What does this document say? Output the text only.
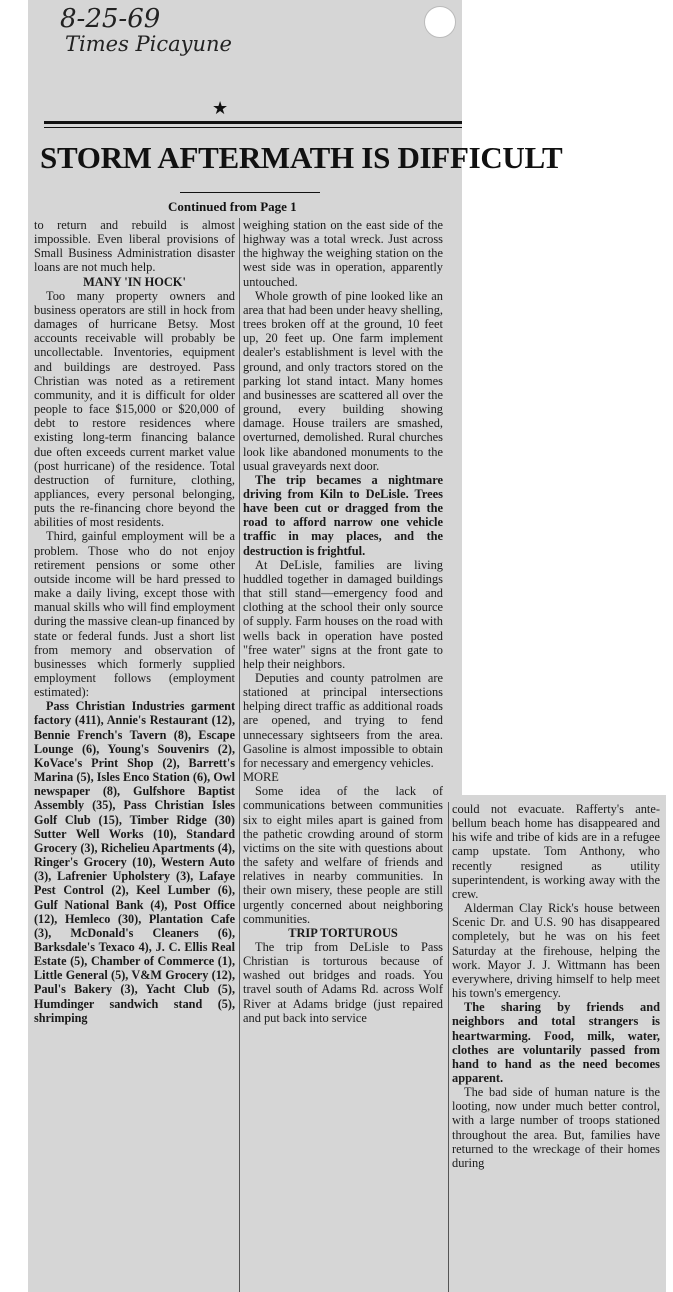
8-25-69
Times Picayune
★
STORM AFTERMATH IS DIFFICULT
Continued from Page 1

to return and rebuild is almost impossible. Even liberal provisions of Small Business Administration disaster loans are not much help.

MANY 'IN HOCK'

Too many property owners and business operators are still in hock from damages of hurricane Betsy. Most accounts receivable will probably be uncollectable. Inventories, equipment and buildings are destroyed. Pass Christian was noted as a retirement community, and it is difficult for older people to face $15,000 or $20,000 of debt to restore residences where existing long-term financing balance due often exceeds current market value (post hurricane) of the residence. Total destruction of furniture, clothing, appliances, every personal belonging, puts the re-financing chore beyond the abilities of most residents.

Third, gainful employment will be a problem. Those who do not enjoy retirement pensions or some other outside income will be hard pressed to make a daily living, except those with manual skills who will find employment during the massive clean-up financed by state or federal funds. Just a short list from memory and observation of businesses which formerly supplied employment follows (employment estimated):

Pass Christian Industries garment factory (411), Annie's Restaurant (12), Bennie French's Tavern (8), Escape Lounge (6), Young's Souvenirs (2), KoVace's Print Shop (2), Barrett's Marina (5), Isles Enco Station (6), Owl newspaper (8), Gulfshore Baptist Assembly (35), Pass Christian Isles Golf Club (15), Timber Ridge (30) Sutter Well Works (10), Standard Grocery (3), Richelieu Apartments (4), Ringer's Grocery (10), Western Auto (3), Lafrenier Upholstery (3), Lafaye Pest Control (2), Keel Lumber (6), Gulf National Bank (4), Post Office (12), Hemleco (30), Plantation Cafe (3), McDonald's Cleaners (6), Barksdale's Texaco 4), J. C. Ellis Real Estate (5), Chamber of Commerce (1), Little General (5), V&M Grocery (12), Paul's Bakery (3), Yacht Club (5), Humdinger sandwich stand (5), shrimping

weighing station on the east side of the highway was a total wreck. Just across the highway the weighing station on the west side was in operation, apparently untouched.

Whole growth of pine looked like an area that had been under heavy shelling, trees broken off at the ground, 10 feet up, 20 feet up. One farm implement dealer's establishment is level with the ground, and only tractors stored on the parking lot stand intact. Many homes and businesses are scattered all over the ground, every building showing damage. House trailers are smashed, overturned, demolished. Rural churches look like abandoned monuments to the usual graveyards next door.

The trip becames a nightmare driving from Kiln to DeLisle. Trees have been cut or dragged from the road to afford narrow one vehicle traffic in may places, and the destruction is frightful.

At DeLisle, families are living huddled together in damaged buildings that still stand—emergency food and clothing at the school their only source of supply. Farm houses on the road with wells back in operation have posted "free water" signs at the front gate to help their neighbors.

Deputies and county patrolmen are stationed at principal intersections helping direct traffic as additional roads are opened, and trying to fend unnecessary sightseers from the area. Gasoline is almost impossible to obtain for necessary and emergency vehicles.

MORE

Some idea of the lack of communications between communities six to eight miles apart is gained from the pathetic crowding around of storm victims on the site with questions about the safety and welfare of friends and relatives in nearby communities. In their own misery, these people are still urgently concerned about neighboring communities.

TRIP TORTUROUS

The trip from DeLisle to Pass Christian is torturous because of washed out bridges and roads. You travel south of Adams Rd. across Wolf River at Adams bridge (just repaired and put back into service

could not evacuate. Rafferty's ante-bellum beach home has disappeared and his wife and tribe of kids are in a refugee camp upstate. Tom Anthony, who recently resigned as utility superintendent, is working away with the crew.

Alderman Clay Rick's house between Scenic Dr. and U.S. 90 has disappeared completely, but he was on his feet Saturday at the firehouse, helping the work. Mayor J. J. Wittmann has been everywhere, driving himself to help meet his town's emergency.

The sharing by friends and neighbors and total strangers is heartwarming. Food, milk, water, clothes are voluntarily passed from hand to hand as the need becomes apparent.

The bad side of human nature is the looting, now under much better control, with a large number of troops stationed throughout the area. But, families have returned to the wreckage of their homes during
